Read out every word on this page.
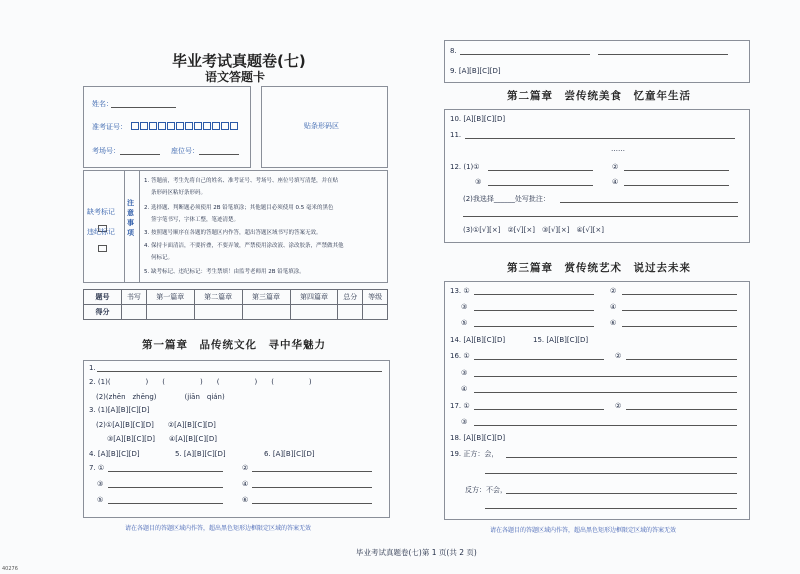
毕业考试真题卷(七)
语文答题卡
姓名：
准考证号：
考场号：	座位号：
贴条形码区
缺考标记
违纪标记
注意事项
1. 答题前，考生先将自己的姓名、准考证号、考场号、座位号填写清楚，并在贴
条形码区粘好条形码。
2. 选择题、判断题必须使用 2B 铅笔填涂；其他题目必须使用 0.5 毫米的黑色
签字笔书写，字体工整，笔迹清楚。
3. 按照题号顺序在各题的答题区内作答，超出答题区域书写的答案无效。
4. 保持卡面清洁，不要折叠，不要弄皱，严禁使用涂改液、涂改胶条，严禁做其他
何标记。
5. 缺考标记、违纪标记：考生禁填！由监考老师用 2B 铅笔填涂。
题号	书写	第一篇章	第二篇章	第三篇章	第四篇章	总分	等级
得分							
第一篇章　品传统文化　寻中华魅力
1.
2. (1)(　　　　　)　　(　　　　　)　　(　　　　　)　　(　　　　　)
(2)(zhēn　zhēng)　　　　(jiān　qián)
3. (1)[A][B][C][D]
(2)①[A][B][C][D]　　②[A][B][C][D]
③[A][B][C][D]　　④[A][B][C][D]
4. [A][B][C][D]	5. [A][B][C][D]	6. [A][B][C][D]
7. ①	②
③	④
⑤	⑥
请在各题目的答题区域内作答，超出黑色矩形边框限定区域的答案无效
8.
9. [A][B][C][D]
第二篇章　尝传统美食　忆童年生活
10. [A][B][C][D]
11.
……
12. (1)①	②
③	④
(2)我选择______处写批注：
(3)①[√][×]　②[√][×]　③[√][×]　④[√][×]
第三篇章　赏传统艺术　说过去未来
13. ①	②
③	④
⑤	⑥
14. [A][B][C][D]	15. [A][B][C][D]
16. ①	②
③
④
17. ①	②
③
18. [A][B][C][D]
19. 正方：会，
反方：不会，
请在各题目的答题区域内作答，超出黑色矩形边框限定区域的答案无效
毕业考试真题卷(七)第 1 页(共 2 页)
40276
